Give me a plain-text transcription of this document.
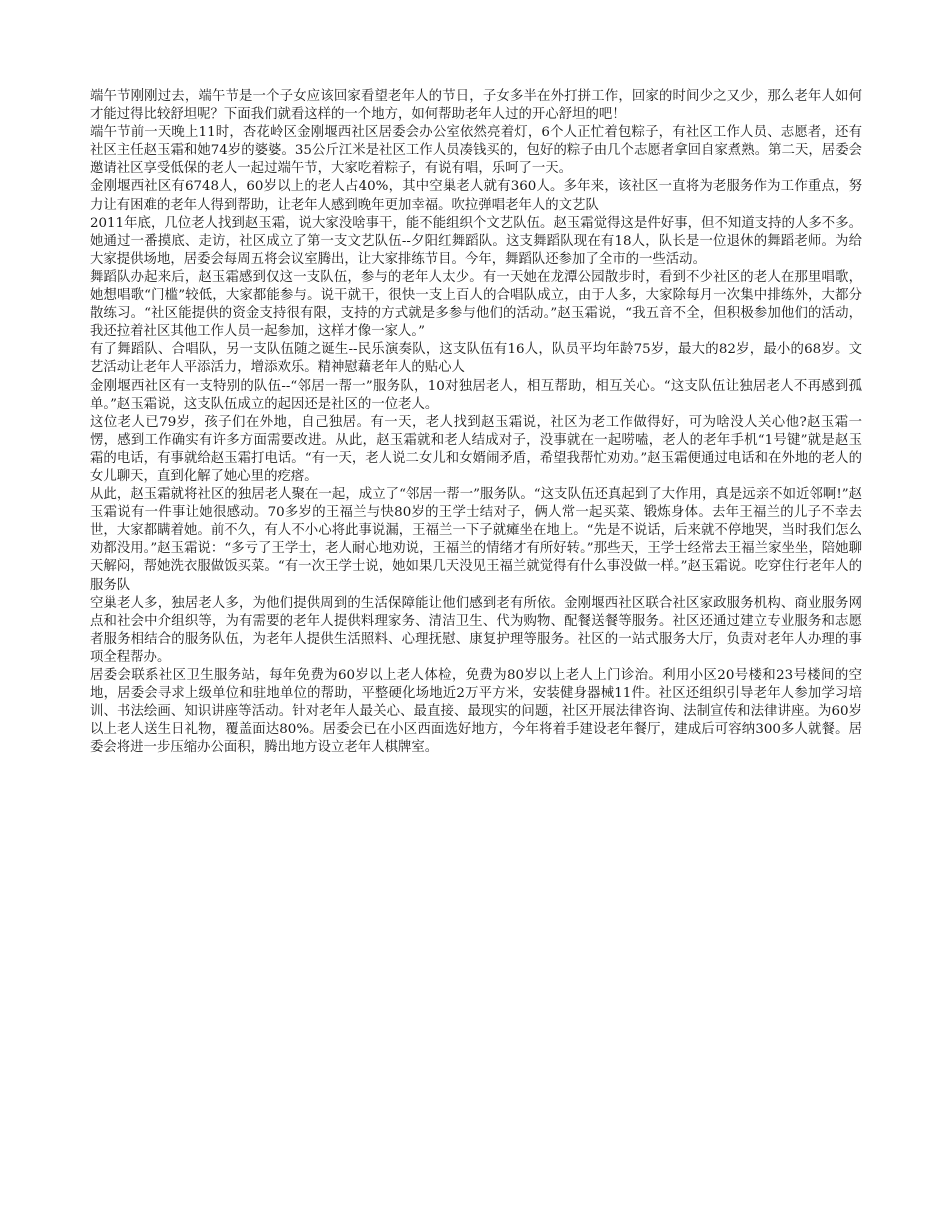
端午节刚刚过去，端午节是一个子女应该回家看望老年人的节日，子女多半在外打拼工作，回家的时间少之又少，那么老年人如何才能过得比较舒坦呢？下面我们就看这样的一个地方，如何帮助老年人过的开心舒坦的吧！

端午节前一天晚上11时，杏花岭区金刚堰西社区居委会办公室依然亮着灯，6个人正忙着包粽子，有社区工作人员、志愿者，还有社区主任赵玉霜和她74岁的婆婆。35公斤江米是社区工作人员凑钱买的，包好的粽子由几个志愿者拿回自家煮熟。第二天，居委会邀请社区享受低保的老人一起过端午节，大家吃着粽子，有说有唱，乐呵了一天。

金刚堰西社区有6748人，60岁以上的老人占40%，其中空巢老人就有360人。多年来，该社区一直将为老服务作为工作重点，努力让有困难的老年人得到帮助，让老年人感到晚年更加幸福。吹拉弹唱老年人的文艺队

2011年底，几位老人找到赵玉霜，说大家没啥事干，能不能组织个文艺队伍。赵玉霜觉得这是件好事，但不知道支持的人多不多。她通过一番摸底、走访，社区成立了第一支文艺队伍--夕阳红舞蹈队。这支舞蹈队现在有18人，队长是一位退休的舞蹈老师。为给大家提供场地，居委会每周五将会议室腾出，让大家排练节目。今年，舞蹈队还参加了全市的一些活动。

舞蹈队办起来后，赵玉霜感到仅这一支队伍，参与的老年人太少。有一天她在龙潭公园散步时，看到不少社区的老人在那里唱歌，她想唱歌“门槛”较低，大家都能参与。说干就干，很快一支上百人的合唱队成立，由于人多，大家除每月一次集中排练外，大都分散练习。“社区能提供的资金支持很有限，支持的方式就是多参与他们的活动。”赵玉霜说，“我五音不全，但积极参加他们的活动，我还拉着社区其他工作人员一起参加，这样才像一家人。”

有了舞蹈队、合唱队，另一支队伍随之诞生--民乐演奏队，这支队伍有16人，队员平均年龄75岁，最大的82岁，最小的68岁。文艺活动让老年人平添活力，增添欢乐。精神慰藉老年人的贴心人

金刚堰西社区有一支特别的队伍--“邻居一帮一”服务队，10对独居老人，相互帮助，相互关心。“这支队伍让独居老人不再感到孤单。”赵玉霜说，这支队伍成立的起因还是社区的一位老人。

这位老人已79岁，孩子们在外地，自己独居。有一天，老人找到赵玉霜说，社区为老工作做得好，可为啥没人关心他?赵玉霜一愣，感到工作确实有许多方面需要改进。从此，赵玉霜就和老人结成对子，没事就在一起唠嗑，老人的老年手机“1号键”就是赵玉霜的电话，有事就给赵玉霜打电话。“有一天，老人说二女儿和女婿闹矛盾，希望我帮忙劝劝。”赵玉霜便通过电话和在外地的老人的女儿聊天，直到化解了她心里的疙瘩。

从此，赵玉霜就将社区的独居老人聚在一起，成立了“邻居一帮一”服务队。“这支队伍还真起到了大作用，真是远亲不如近邻啊!”赵玉霜说有一件事让她很感动。70多岁的王福兰与快80岁的王学士结对子，俩人常一起买菜、锻炼身体。去年王福兰的儿子不幸去世，大家都瞒着她。前不久，有人不小心将此事说漏，王福兰一下子就瘫坐在地上。“先是不说话，后来就不停地哭，当时我们怎么劝都没用。”赵玉霜说：“多亏了王学士，老人耐心地劝说，王福兰的情绪才有所好转。”那些天，王学士经常去王福兰家坐坐，陪她聊天解闷，帮她洗衣服做饭买菜。“有一次王学士说，她如果几天没见王福兰就觉得有什么事没做一样。”赵玉霜说。吃穿住行老年人的服务队

空巢老人多，独居老人多，为他们提供周到的生活保障能让他们感到老有所依。金刚堰西社区联合社区家政服务机构、商业服务网点和社会中介组织等，为有需要的老年人提供料理家务、清洁卫生、代为购物、配餐送餐等服务。社区还通过建立专业服务和志愿者服务相结合的服务队伍，为老年人提供生活照料、心理抚慰、康复护理等服务。社区的一站式服务大厅，负责对老年人办理的事项全程帮办。

居委会联系社区卫生服务站，每年免费为60岁以上老人体检，免费为80岁以上老人上门诊治。利用小区20号楼和23号楼间的空地，居委会寻求上级单位和驻地单位的帮助，平整硬化场地近2万平方米，安装健身器械11件。社区还组织引导老年人参加学习培训、书法绘画、知识讲座等活动。针对老年人最关心、最直接、最现实的问题，社区开展法律咨询、法制宣传和法律讲座。为60岁以上老人送生日礼物，覆盖面达80%。居委会已在小区西面选好地方，今年将着手建设老年餐厅，建成后可容纳300多人就餐。居委会将进一步压缩办公面积，腾出地方设立老年人棋牌室。
